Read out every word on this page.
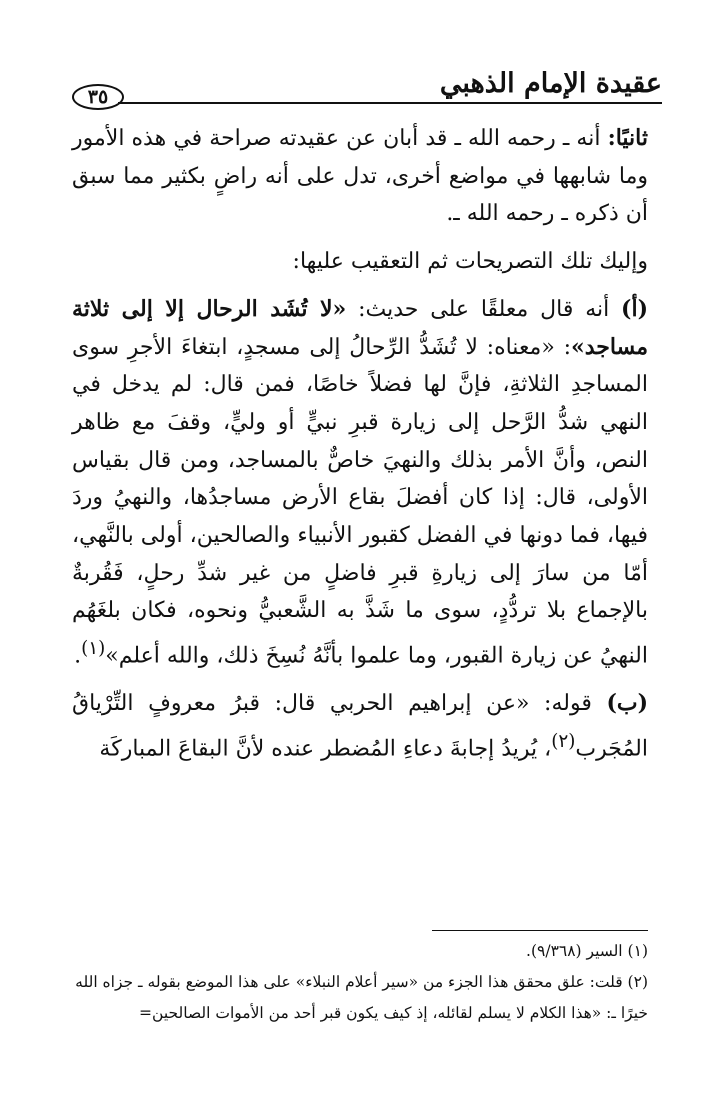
عقيدة الإمام الذهبي
٣٥

ثانيًا: أنه ـ رحمه الله ـ قد أبان عن عقيدته صراحة في هذه الأمور وما شابهها في مواضع أخرى، تدل على أنه راضٍ بكثير مما سبق أن ذكره ـ رحمه الله ـ.

وإليك تلك التصريحات ثم التعقيب عليها:

(أ) أنه قال معلقًا على حديث: «لا تُشَد الرحال إلا إلى ثلاثة مساجد»: «معناه: لا تُشَدُّ الرِّحالُ إلى مسجدٍ، ابتغاءَ الأجرِ سوى المساجدِ الثلاثةِ، فإنَّ لها فضلاً خاصًا، فمن قال: لم يدخل في النهي شدُّ الرَّحل إلى زيارة قبرِ نبيٍّ أو وليٍّ، وقفَ مع ظاهر النص، وأنَّ الأمر بذلك والنهيَ خاصٌّ بالمساجد، ومن قال بقياس الأولى، قال: إذا كان أفضلَ بقاع الأرض مساجدُها، والنهيُ وردَ فيها، فما دونها في الفضل كقبور الأنبياء والصالحين، أولى بالنَّهي، أمّا من سارَ إلى زيارةِ قبرِ فاضلٍ من غير شدِّ رحلٍ، فَقُربةٌ بالإجماع بلا تردُّدٍ، سوى ما شَذَّ به الشَّعبيُّ ونحوه، فكان بلغَهُم النهيُ عن زيارة القبور، وما علموا بأنَّهُ نُسِخَ ذلك، والله أعلم»$^{(١)}$.

(ب) قوله: «عن إبراهيم الحربي قال: قبرُ معروفٍ التِّرْياقُ المُجَرب$^{(٢)}$، يُريدُ إجابةَ دعاءِ المُضطر عنده لأنَّ البقاعَ المباركَة

(١) السير (٩/٣٦٨).

(٢) قلت: علق محقق هذا الجزء من «سير أعلام النبلاء» على هذا الموضع بقوله ـ جزاه الله خيرًا ـ: «هذا الكلام لا يسلم لقائله، إذ كيف يكون قبر أحد من الأموات الصالحين=
